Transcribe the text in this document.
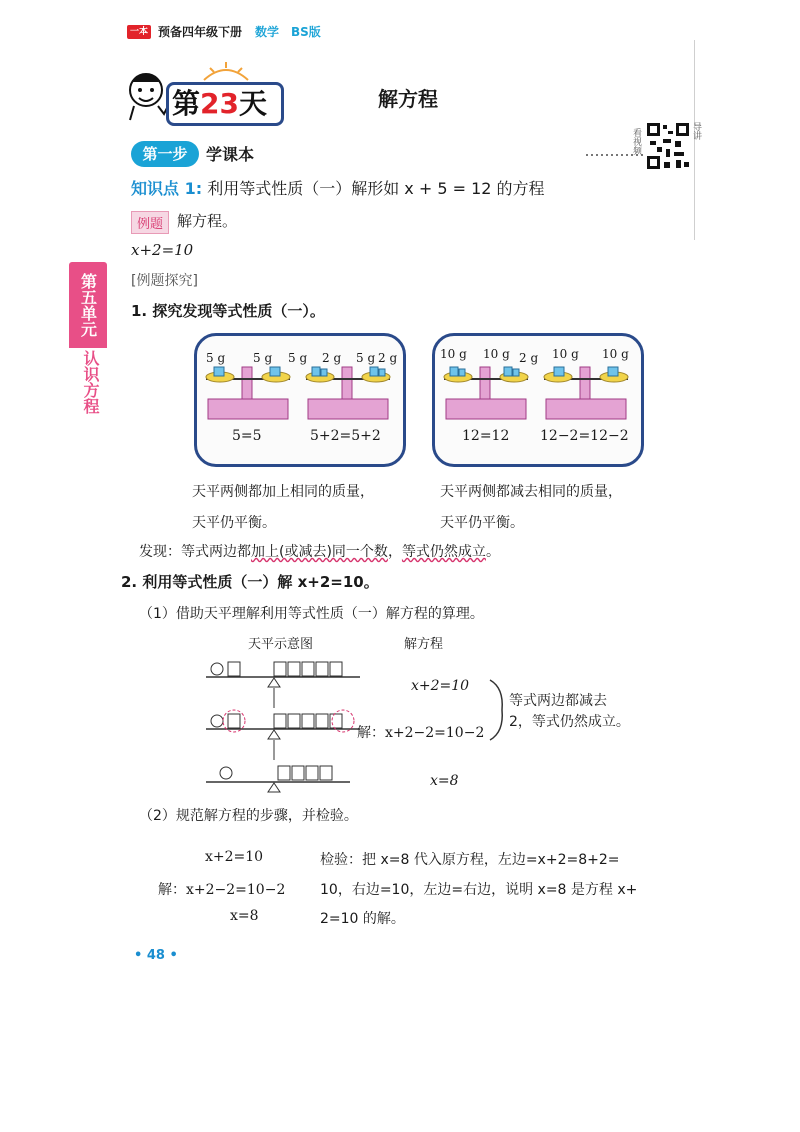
一本 预备四年级下册 数学 BS版
第23天	解方程
第一步	学课本	看视频	导讲
知识点 1: 利用等式性质（一）解形如 x + 5 = 12 的方程
例题 解方程。
x+2=10
[例题探究]
第五单元
认识方程
1. 探究发现等式性质（一）。
5 g 5 g 5 g 2 g 5 g 2 g
5=5	5+2=5+2
10 g 10 g 2 g 10 g 10 g
12=12 12−2=12−2
天平两侧都加上相同的质量，
天平仍平衡。
天平两侧都减去相同的质量，
天平仍平衡。
发现：等式两边都加上(或减去)同一个数，等式仍然成立。
2. 利用等式性质（一）解 x+2=10。
（1）借助天平理解利用等式性质（一）解方程的算理。
天平示意图	解方程
x+2=10
解：x+2−2=10−2
x=8
等式两边都减去
2，等式仍然成立。
（2）规范解方程的步骤，并检验。
x+2=10
解：x+2−2=10−2
x=8
检验：把 x=8 代入原方程，左边=x+2=8+2=
10，右边=10，左边=右边，说明 x=8 是方程 x+
2=10 的解。
• 48 •
